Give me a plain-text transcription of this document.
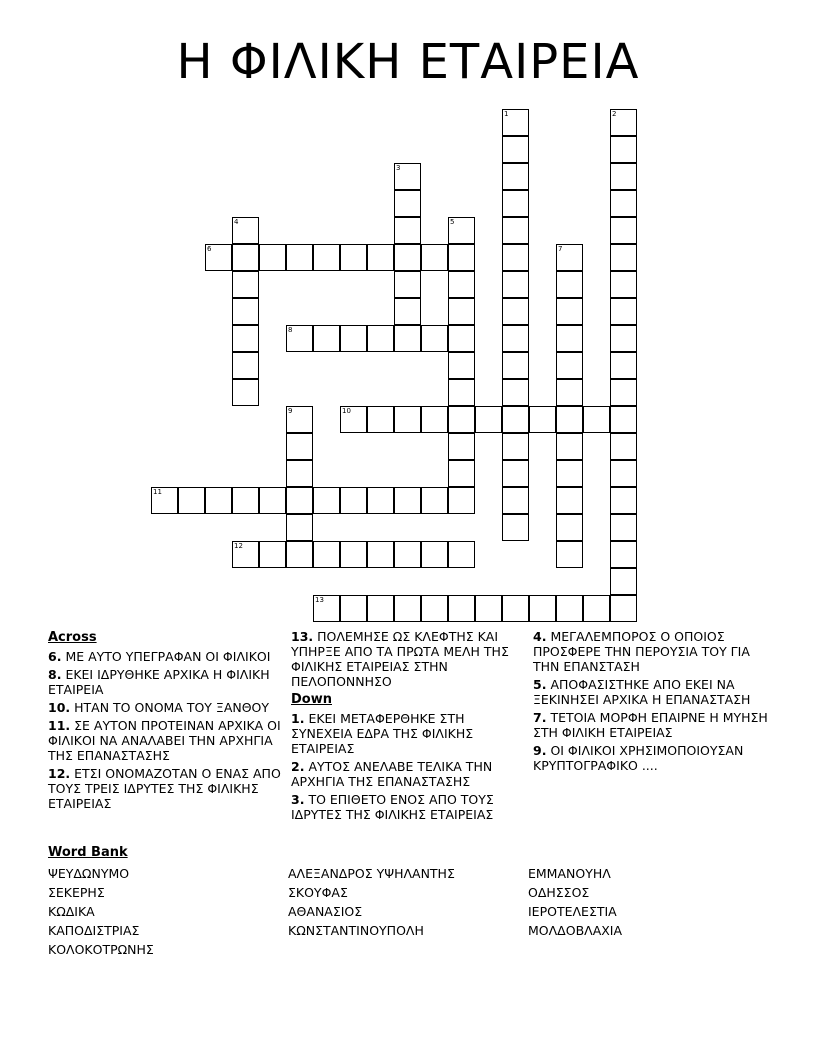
Η ΦΙΛΙΚΗ ΕΤΑΙΡΕΙΑ
1	2
3
4	5
6	7
8
9	10
11
12
13
Across

6. ΜΕ ΑΥΤΟ ΥΠΕΓΡΑΦΑΝ ΟΙ ΦΙΛΙΚΟΙ

8. ΕΚΕΙ ΙΔΡΥΘΗΚΕ ΑΡΧΙΚΑ Η ΦΙΛΙΚΗ ΕΤΑΙΡΕΙΑ

10. ΗΤΑΝ ΤΟ ΟΝΟΜΑ ΤΟΥ ΞΑΝΘΟΥ

11. ΣΕ ΑΥΤΟΝ ΠΡΟΤΕΙΝΑΝ ΑΡΧΙΚΑ ΟΙ ΦΙΛΙΚΟΙ ΝΑ ΑΝΑΛΑΒΕΙ ΤΗΝ ΑΡΧΗΓΙΑ ΤΗΣ ΕΠΑΝΑΣΤΑΣΗΣ

12. ΕΤΣΙ ΟΝΟΜΑΖΟΤΑΝ Ο ΕΝΑΣ ΑΠΟ ΤΟΥΣ ΤΡΕΙΣ ΙΔΡΥΤΕΣ ΤΗΣ ΦΙΛΙΚΗΣ ΕΤΑΙΡΕΙΑΣ

13. ΠΟΛΕΜΗΣΕ ΩΣ ΚΛΕΦΤΗΣ ΚΑΙ ΥΠΗΡΞΕ ΑΠΟ ΤΑ ΠΡΩΤΑ ΜΕΛΗ ΤΗΣ ΦΙΛΙΚΗΣ ΕΤΑΙΡΕΙΑΣ ΣΤΗΝ ΠΕΛΟΠΟΝΝΗΣΟ

Down

1. ΕΚΕΙ ΜΕΤΑΦΕΡΘΗΚΕ ΣΤΗ ΣΥΝΕΧΕΙΑ ΕΔΡΑ ΤΗΣ ΦΙΛΙΚΗΣ ΕΤΑΙΡΕΙΑΣ

2. ΑΥΤΟΣ ΑΝΕΛΑΒΕ ΤΕΛΙΚΑ ΤΗΝ ΑΡΧΗΓΙΑ ΤΗΣ ΕΠΑΝΑΣΤΑΣΗΣ

3. ΤΟ ΕΠΙΘΕΤΟ ΕΝΟΣ ΑΠΟ ΤΟΥΣ ΙΔΡΥΤΕΣ ΤΗΣ ΦΙΛΙΚΗΣ ΕΤΑΙΡΕΙΑΣ

4. ΜΕΓΑΛΕΜΠΟΡΟΣ Ο ΟΠΟΙΟΣ ΠΡΟΣΦΕΡΕ ΤΗΝ ΠΕΡΟΥΣΙΑ ΤΟΥ ΓΙΑ ΤΗΝ ΕΠΑΝΣΤΑΣΗ

5. ΑΠΟΦΑΣΙΣΤΗΚΕ ΑΠΟ ΕΚΕΙ ΝΑ ΞΕΚΙΝΗΣΕΙ ΑΡΧΙΚΑ Η ΕΠΑΝΑΣΤΑΣΗ

7. ΤΕΤΟΙΑ ΜΟΡΦΗ ΕΠΑΙΡΝΕ Η ΜΥΗΣΗ ΣΤΗ ΦΙΛΙΚΗ ΕΤΑΙΡΕΙΑΣ

9. ΟΙ ΦΙΛΙΚΟΙ ΧΡΗΣΙΜΟΠΟΙΟΥΣΑΝ ΚΡΥΠΤΟΓΡΑΦΙΚΟ ....

Word Bank
ΨΕΥΔΩΝΥΜΟ
ΣΕΚΕΡΗΣ
ΚΩΔΙΚΑ
ΚΑΠΟΔΙΣΤΡΙΑΣ
ΚΟΛΟΚΟΤΡΩΝΗΣ
ΑΛΕΞΑΝΔΡΟΣ ΥΨΗΛΑΝΤΗΣ
ΣΚΟΥΦΑΣ
ΑΘΑΝΑΣΙΟΣ
ΚΩΝΣΤΑΝΤΙΝΟΥΠΟΛΗ
ΕΜΜΑΝΟΥΗΛ
ΟΔΗΣΣΟΣ
ΙΕΡΟΤΕΛΕΣΤΙΑ
ΜΟΛΔΟΒΛΑΧΙΑ
